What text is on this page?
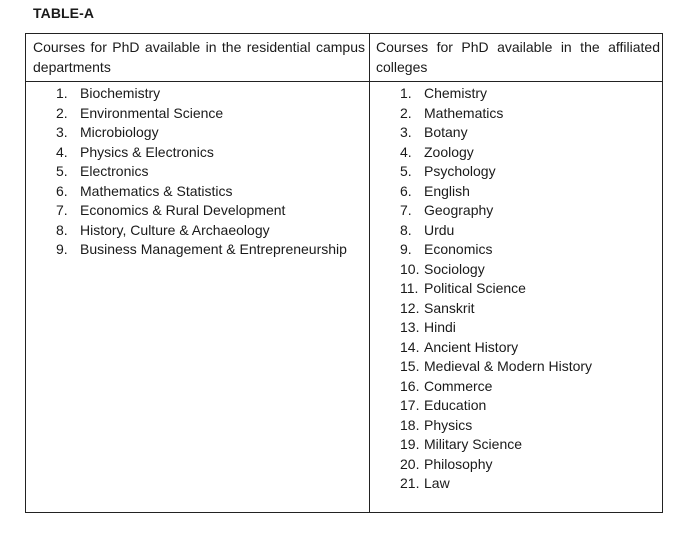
TABLE-A
Courses for PhD available in the residential campus departments
Courses for PhD available in the affiliated colleges
1. Biochemistry
2. Environmental Science
3. Microbiology
4. Physics & Electronics
5. Electronics
6. Mathematics & Statistics
7. Economics & Rural Development
8. History, Culture & Archaeology
9. Business Management & Entrepreneurship
1. Chemistry
2. Mathematics
3. Botany
4. Zoology
5. Psychology
6. English
7. Geography
8. Urdu
9. Economics
10. Sociology
11. Political Science
12. Sanskrit
13. Hindi
14. Ancient History
15. Medieval & Modern History
16. Commerce
17. Education
18. Physics
19. Military Science
20. Philosophy
21. Law
